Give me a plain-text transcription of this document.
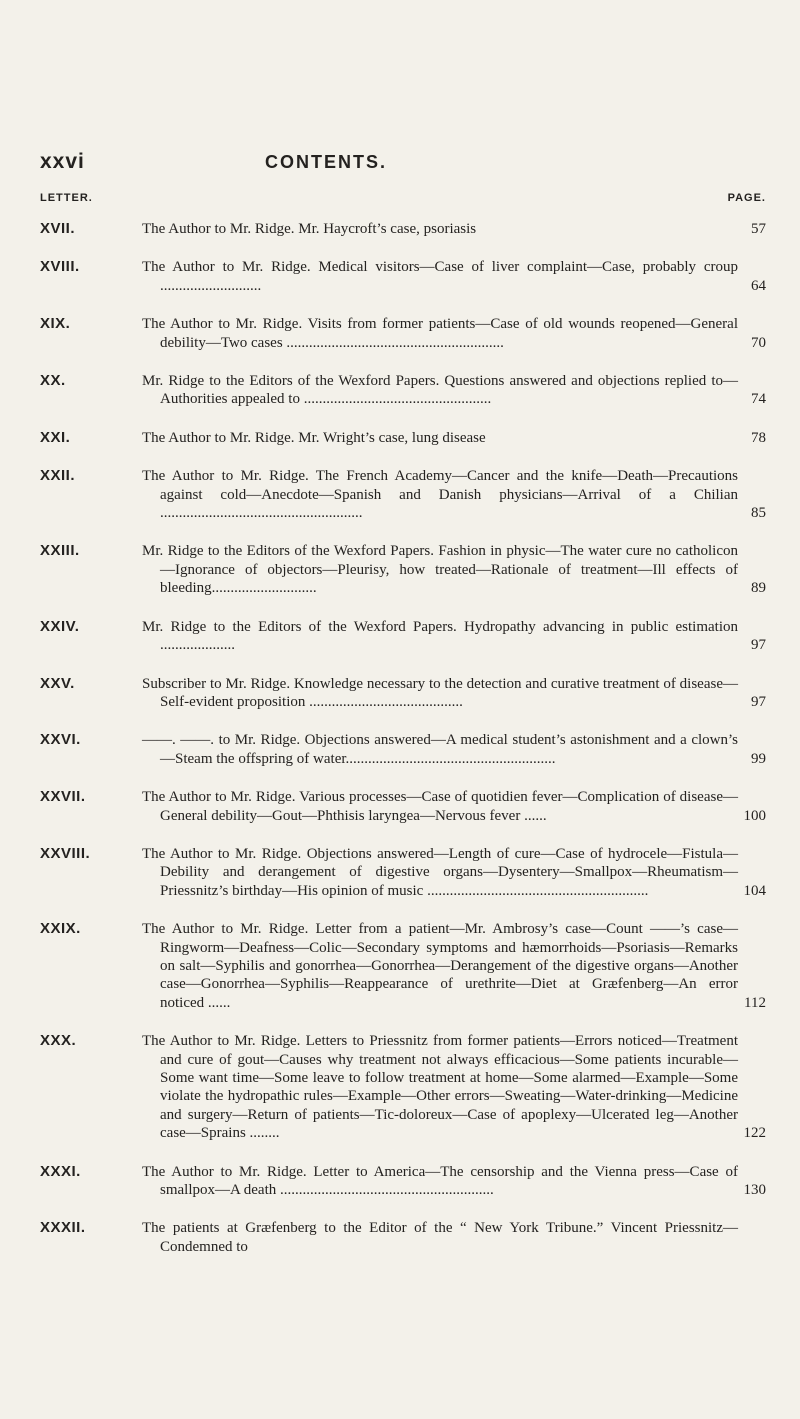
xxvi	CONTENTS.
LETTER.	PAGE.
XVII.	The Author to Mr. Ridge. Mr. Haycroft’s case, psoriasis	57
XVIII.	The Author to Mr. Ridge. Medical visitors—Case of liver complaint—Case, probably croup ...........................	64
XIX.	The Author to Mr. Ridge. Visits from former patients—Case of old wounds reopened—General debility—Two cases ..........................................................	70
XX.	Mr. Ridge to the Editors of the Wexford Papers. Questions answered and objections replied to—Authorities appealed to ..................................................	74
XXI.	The Author to Mr. Ridge. Mr. Wright’s case, lung disease	78
XXII.	The Author to Mr. Ridge. The French Academy—Cancer and the knife—Death—Precautions against cold—Anecdote—Spanish and Danish physicians—Arrival of a Chilian ......................................................	85
XXIII.	Mr. Ridge to the Editors of the Wexford Papers. Fashion in physic—The water cure no catholicon—Ignorance of objectors—Pleurisy, how treated—Rationale of treatment—Ill effects of bleeding............................	89
XXIV.	Mr. Ridge to the Editors of the Wexford Papers. Hydropathy advancing in public estimation ....................	97
XXV.	Subscriber to Mr. Ridge. Knowledge necessary to the detection and curative treatment of disease—Self-evident proposition .........................................	97
XXVI.	——. ——. to Mr. Ridge. Objections answered—A medical student’s astonishment and a clown’s—Steam the offspring of water........................................................	99
XXVII.	The Author to Mr. Ridge. Various processes—Case of quotidien fever—Complication of disease—General debility—Gout—Phthisis laryngea—Nervous fever ......	100
XXVIII.	The Author to Mr. Ridge. Objections answered—Length of cure—Case of hydrocele—Fistula—Debility and derangement of digestive organs—Dysentery—Smallpox—Rheumatism—Priessnitz’s birthday—His opinion of music ...........................................................	104
XXIX.	The Author to Mr. Ridge. Letter from a patient—Mr. Ambrosy’s case—Count ——’s case—Ringworm—Deafness—Colic—Secondary symptoms and hæmorrhoids—Psoriasis—Remarks on salt—Syphilis and gonorrhea—Gonorrhea—Derangement of the digestive organs—Another case—Gonorrhea—Syphilis—Reappearance of urethrite—Diet at Græfenberg—An error noticed ......	112
XXX.	The Author to Mr. Ridge. Letters to Priessnitz from former patients—Errors noticed—Treatment and cure of gout—Causes why treatment not always efficacious—Some patients incurable—Some want time—Some leave to follow treatment at home—Some alarmed—Example—Some violate the hydropathic rules—Example—Other errors—Sweating—Water-drinking—Medicine and surgery—Return of patients—Tic-doloreux—Case of apoplexy—Ulcerated leg—Another case—Sprains ........	122
XXXI.	The Author to Mr. Ridge. Letter to America—The censorship and the Vienna press—Case of smallpox—A death .........................................................	130
XXXII.	The patients at Græfenberg to the Editor of the “ New York Tribune.” Vincent Priessnitz—Condemned to
